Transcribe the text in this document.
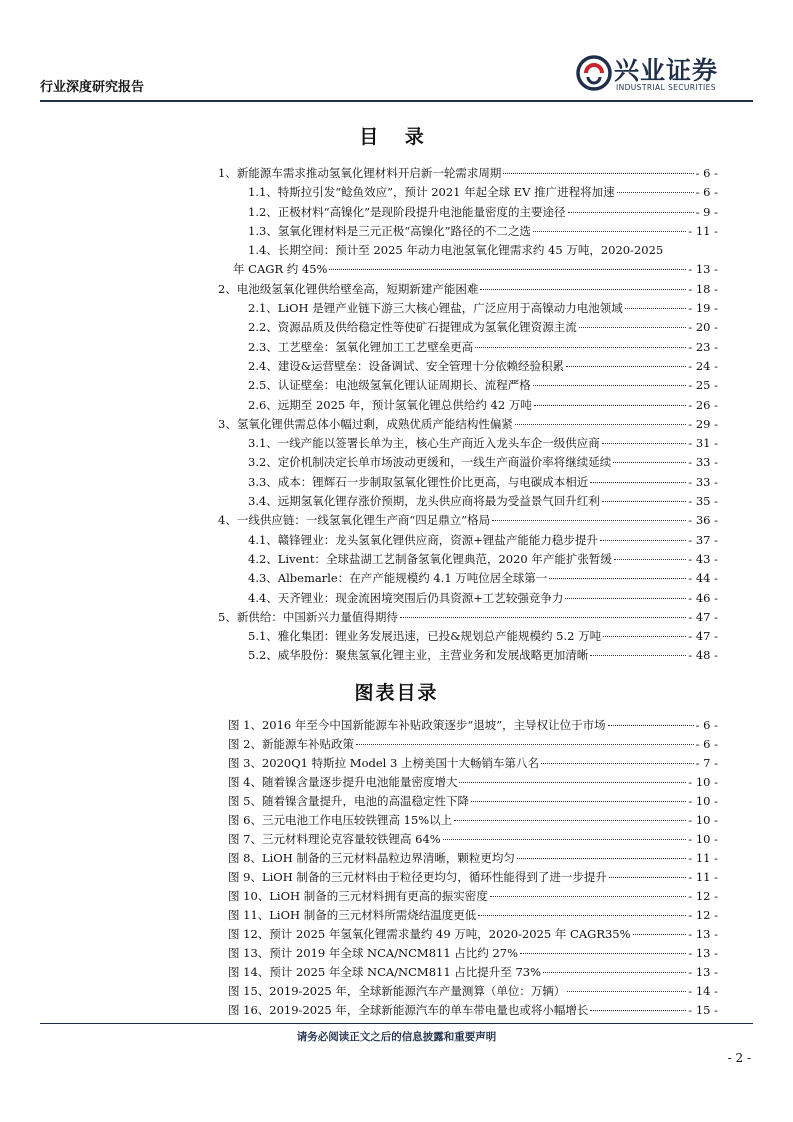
行业深度研究报告
兴业证券
INDUSTRIAL SECURITIES
目 录
1、 新能源车需求推动氢氧化锂材料开启新一轮需求周期	- 6 -
1.1、 特斯拉引发“鲶鱼效应”，预计 2021 年起全球 EV 推广进程将加速	- 6 -
1.2、 正极材料“高镍化”是现阶段提升电池能量密度的主要途径	- 9 -
1.3、 氢氧化锂材料是三元正极“高镍化”路径的不二之选	- 11 -
1.4、 长期空间：预计至 2025 年动力电池氢氧化锂需求约 45 万吨，2020-2025
年 CAGR 约 45%	- 13 -
2、 电池级氢氧化锂供给壁垒高，短期新建产能困难	- 18 -
2.1、 LiOH 是锂产业链下游三大核心锂盐，广泛应用于高镍动力电池领域	- 19 -
2.2、 资源品质及供给稳定性等使矿石提锂成为氢氧化锂资源主流	- 20 -
2.3、 工艺壁垒：氢氧化锂加工工艺壁垒更高	- 23 -
2.4、 建设&运营壁垒：设备调试、安全管理十分依赖经验积累	- 24 -
2.5、 认证壁垒：电池级氢氧化锂认证周期长、流程严格	- 25 -
2.6、 远期至 2025 年，预计氢氧化锂总供给约 42 万吨	- 26 -
3、 氢氧化锂供需总体小幅过剩，成熟优质产能结构性偏紧	- 29 -
3.1、 一线产能以签署长单为主，核心生产商近入龙头车企一级供应商	- 31 -
3.2、 定价机制决定长单市场波动更缓和，一线生产商溢价率将继续延续	- 33 -
3.3、 成本：锂辉石一步制取氢氧化锂性价比更高，与电碳成本相近	- 33 -
3.4、 远期氢氧化锂存涨价预期，龙头供应商将最为受益景气回升红利	- 35 -
4、 一线供应链：一线氢氧化锂生产商“四足鼎立”格局	- 36 -
4.1、 赣锋锂业：龙头氢氧化锂供应商，资源+锂盐产能能力稳步提升	- 37 -
4.2、 Livent：全球盐湖工艺制备氢氧化锂典范，2020 年产能扩张暂缓	- 43 -
4.3、 Albemarle：在产产能规模约 4.1 万吨位居全球第一	- 44 -
4.4、 天齐锂业：现金流困境突围后仍具资源+工艺较强竞争力	- 46 -
5、 新供给：中国新兴力量值得期待	- 47 -
5.1、 雅化集团：锂业务发展迅速，已投&规划总产能规模约 5.2 万吨	- 47 -
5.2、 威华股份：聚焦氢氧化锂主业，主营业务和发展战略更加清晰	- 48 -
图表目录
图 1、2016 年至今中国新能源车补贴政策逐步“退坡”，主导权让位于市场	- 6 -
图 2、新能源车补贴政策	- 6 -
图 3、2020Q1 特斯拉 Model 3 上榜美国十大畅销车第八名	- 7 -
图 4、随着镍含量逐步提升电池能量密度增大	- 10 -
图 5、随着镍含量提升，电池的高温稳定性下降	- 10 -
图 6、三元电池工作电压较铁锂高 15%以上	- 10 -
图 7、三元材料理论克容量较铁锂高 64%	- 10 -
图 8、LiOH 制备的三元材料晶粒边界清晰，颗粒更均匀	- 11 -
图 9、LiOH 制备的三元材料由于粒径更均匀，循环性能得到了进一步提升	- 11 -
图 10、LiOH 制备的三元材料拥有更高的振实密度	- 12 -
图 11、LiOH 制备的三元材料所需烧结温度更低	- 12 -
图 12、预计 2025 年氢氧化锂需求量约 49 万吨，2020-2025 年 CAGR35%	- 13 -
图 13、预计 2019 年全球 NCA/NCM811 占比约 27%	- 13 -
图 14、预计 2025 年全球 NCA/NCM811 占比提升至 73%	- 13 -
图 15、2019-2025 年，全球新能源汽车产量测算（单位：万辆）	- 14 -
图 16、2019-2025 年，全球新能源汽车的单车带电量也或将小幅增长	- 15 -
请务必阅读正文之后的信息披露和重要声明
- 2 -
